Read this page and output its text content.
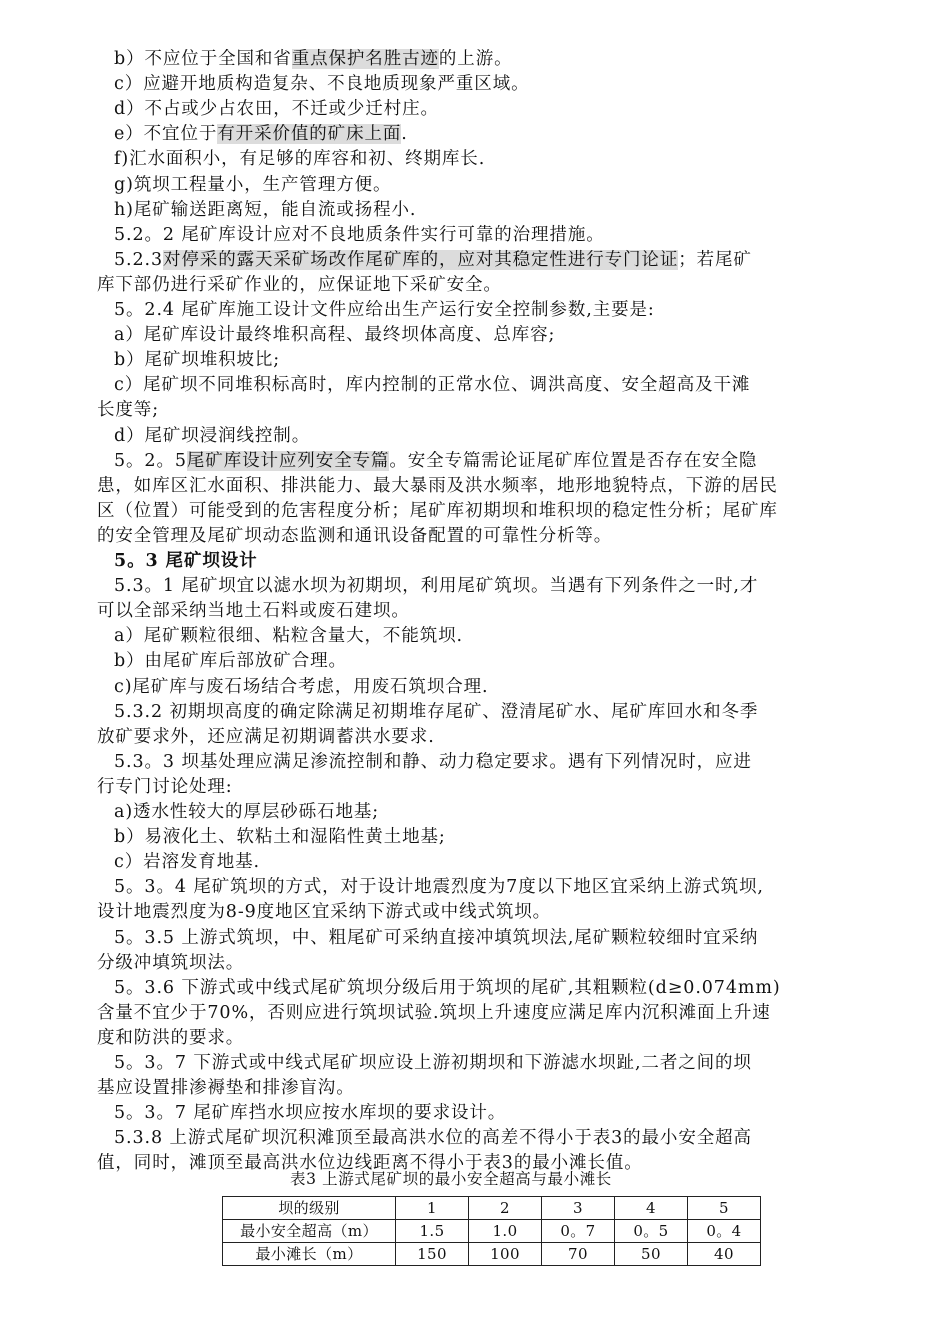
b）不应位于全国和省重点保护名胜古迹的上游。
c）应避开地质构造复杂、不良地质现象严重区域。
d）不占或少占农田，不迁或少迁村庄。
e）不宜位于有开采价值的矿床上面.
f)汇水面积小，有足够的库容和初、终期库长.
g)筑坝工程量小，生产管理方便。
h)尾矿输送距离短，能自流或扬程小.
5.2。2 尾矿库设计应对不良地质条件实行可靠的治理措施。
5.2.3对停采的露天采矿场改作尾矿库的，应对其稳定性进行专门论证；若尾矿
库下部仍进行采矿作业的，应保证地下采矿安全。
5。2.4 尾矿库施工设计文件应给出生产运行安全控制参数,主要是:
a）尾矿库设计最终堆积高程、最终坝体高度、总库容;
b）尾矿坝堆积坡比;
c）尾矿坝不同堆积标高时，库内控制的正常水位、调洪高度、安全超高及干滩
长度等;
d）尾矿坝浸润线控制。
5。2。5尾矿库设计应列安全专篇。安全专篇需论证尾矿库位置是否存在安全隐
患，如库区汇水面积、排洪能力、最大暴雨及洪水频率，地形地貌特点，下游的居民
区（位置）可能受到的危害程度分析；尾矿库初期坝和堆积坝的稳定性分析；尾矿库
的安全管理及尾矿坝动态监测和通讯设备配置的可靠性分析等。
5。3 尾矿坝设计
5.3。1 尾矿坝宜以滤水坝为初期坝，利用尾矿筑坝。当遇有下列条件之一时,才
可以全部采纳当地土石料或废石建坝。
a）尾矿颗粒很细、粘粒含量大，不能筑坝.
b）由尾矿库后部放矿合理。
c)尾矿库与废石场结合考虑，用废石筑坝合理.
5.3.2 初期坝高度的确定除满足初期堆存尾矿、澄清尾矿水、尾矿库回水和冬季
放矿要求外，还应满足初期调蓄洪水要求.
5.3。3 坝基处理应满足渗流控制和静、动力稳定要求。遇有下列情况时，应进
行专门讨论处理:
a)透水性较大的厚层砂砾石地基;
b）易液化土、软粘土和湿陷性黄土地基;
c）岩溶发育地基.
5。3。4 尾矿筑坝的方式，对于设计地震烈度为7度以下地区宜采纳上游式筑坝,
设计地震烈度为8-9度地区宜采纳下游式或中线式筑坝。
5。3.5 上游式筑坝，中、粗尾矿可采纳直接冲填筑坝法,尾矿颗粒较细时宜采纳
分级冲填筑坝法。
5。3.6 下游式或中线式尾矿筑坝分级后用于筑坝的尾矿,其粗颗粒(d≥0.074mm)
含量不宜少于70%，否则应进行筑坝试验.筑坝上升速度应满足库内沉积滩面上升速
度和防洪的要求。
5。3。7 下游式或中线式尾矿坝应设上游初期坝和下游滤水坝趾,二者之间的坝
基应设置排渗褥垫和排渗盲沟。
5。3。7 尾矿库挡水坝应按水库坝的要求设计。
5.3.8 上游式尾矿坝沉积滩顶至最高洪水位的高差不得小于表3的最小安全超高
值，同时，滩顶至最高洪水位边线距离不得小于表3的最小滩长值。
表3 上游式尾矿坝的最小安全超高与最小滩长
坝的级别	1	2	3	4	5
最小安全超高（m）	1.5	1.0	0。7	0。5	0。4
最小滩长（m）	150	100	70	50	40
